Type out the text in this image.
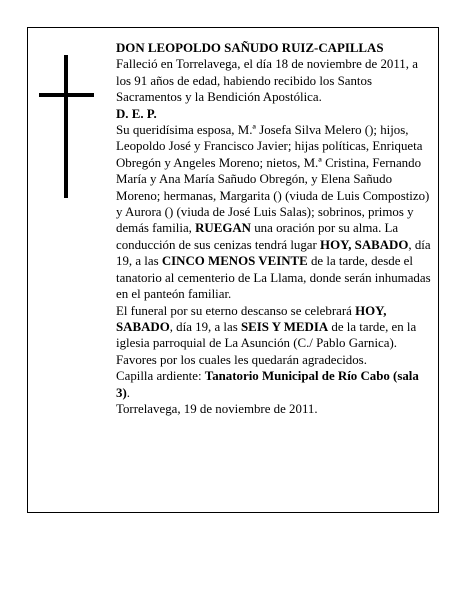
DON LEOPOLDO SAÑUDO RUIZ-CAPILLAS

Falleció en Torrelavega, el día 18 de noviembre de 2011, a los 91 años de edad, habiendo recibido los Santos Sacramentos y la Bendición Apostólica.

D. E. P.

Su queridísima esposa, M.ª Josefa Silva Melero (); hijos, Leopoldo José y Francisco Javier; hijas políticas, Enriqueta Obregón y Angeles Moreno; nietos, M.ª Cristina, Fernando María y Ana María Sañudo Obregón, y Elena Sañudo Moreno; hermanas, Margarita () (viuda de Luis Compostizo) y Aurora () (viuda de José Luis Salas); sobrinos, primos y demás familia, RUEGAN una oración por su alma. La conducción de sus cenizas tendrá lugar HOY, SABADO, día 19, a las CINCO MENOS VEINTE de la tarde, desde el tanatorio al cementerio de La Llama, donde serán inhumadas en el panteón familiar.

El funeral por su eterno descanso se celebrará HOY, SABADO, día 19, a las SEIS Y MEDIA de la tarde, en la iglesia parroquial de La Asunción (C./ Pablo Garnica). Favores por los cuales les quedarán agradecidos.

Capilla ardiente: Tanatorio Municipal de Río Cabo (sala 3).

Torrelavega, 19 de noviembre de 2011.
